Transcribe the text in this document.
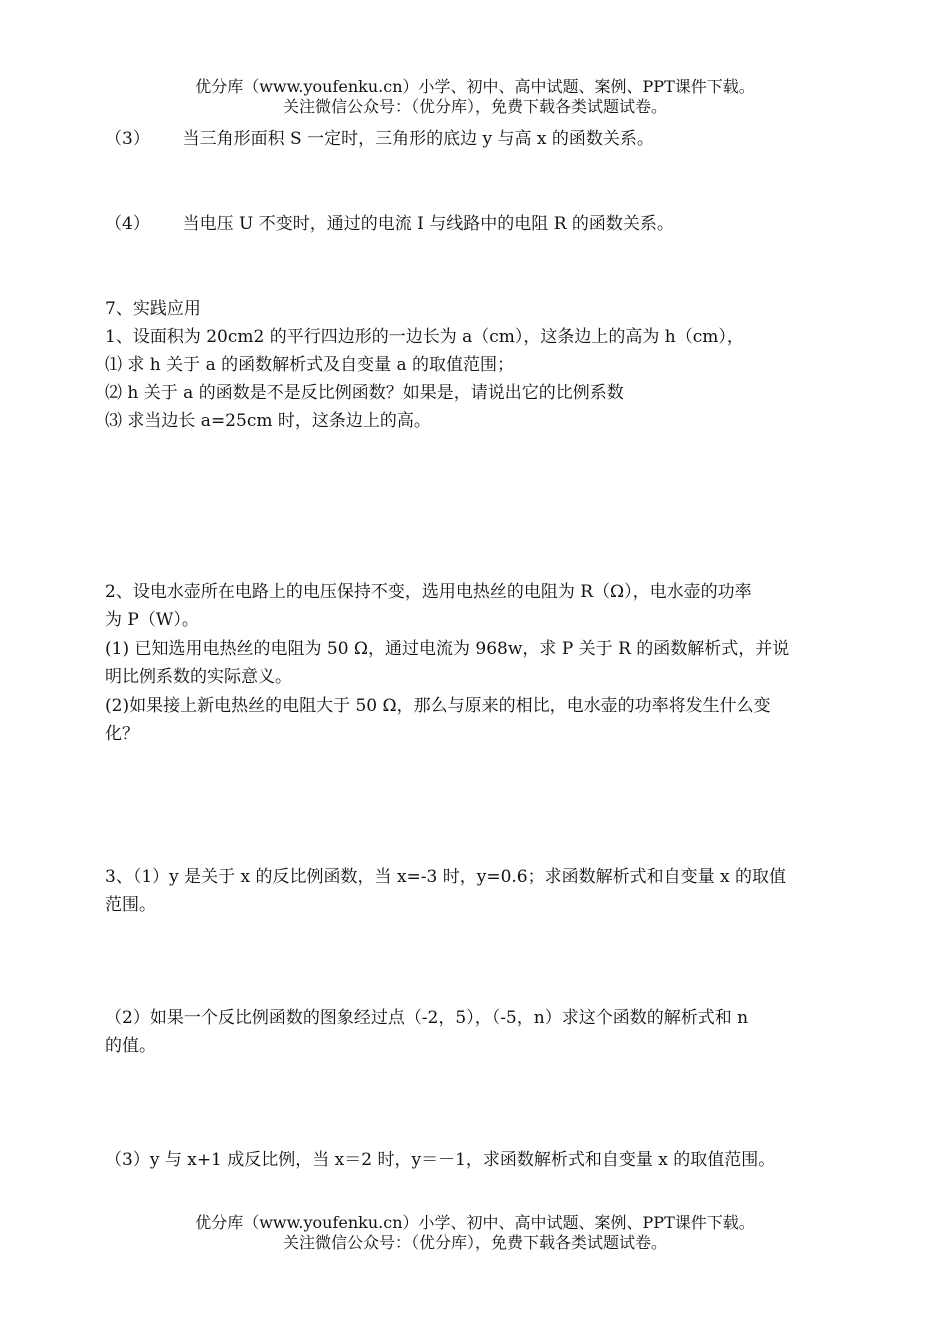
优分库（www.youfenku.cn）小学、初中、高中试题、案例、PPT课件下载。
关注微信公众号：（优分库），免费下载各类试题试卷。
（3） 当三角形面积 S 一定时，三角形的底边 y 与高 x 的函数关系。
（4） 当电压 U 不变时，通过的电流 I 与线路中的电阻 R 的函数关系。
7、实践应用
1、设面积为 20cm2 的平行四边形的一边长为 a（cm），这条边上的高为 h（cm），
⑴ 求 h 关于 a 的函数解析式及自变量 a 的取值范围；
⑵ h 关于 a 的函数是不是反比例函数？如果是，请说出它的比例系数
⑶ 求当边长 a=25cm 时，这条边上的高。
2、设电水壶所在电路上的电压保持不变，选用电热丝的电阻为 R（Ω），电水壶的功率
为 P（W）。
(1) 已知选用电热丝的电阻为 50 Ω，通过电流为 968w，求 P 关于 R 的函数解析式，并说
明比例系数的实际意义。
(2)如果接上新电热丝的电阻大于 50 Ω，那么与原来的相比，电水壶的功率将发生什么变
化？
3、（1）y 是关于 x 的反比例函数，当 x=-3 时，y=0.6；求函数解析式和自变量 x 的取值
范围。
（2）如果一个反比例函数的图象经过点（-2，5），（-5，n）求这个函数的解析式和 n
的值。
（3）y 与 x+1 成反比例，当 x＝2 时，y＝－1，求函数解析式和自变量 x 的取值范围。
优分库（www.youfenku.cn）小学、初中、高中试题、案例、PPT课件下载。
关注微信公众号：（优分库），免费下载各类试题试卷。
